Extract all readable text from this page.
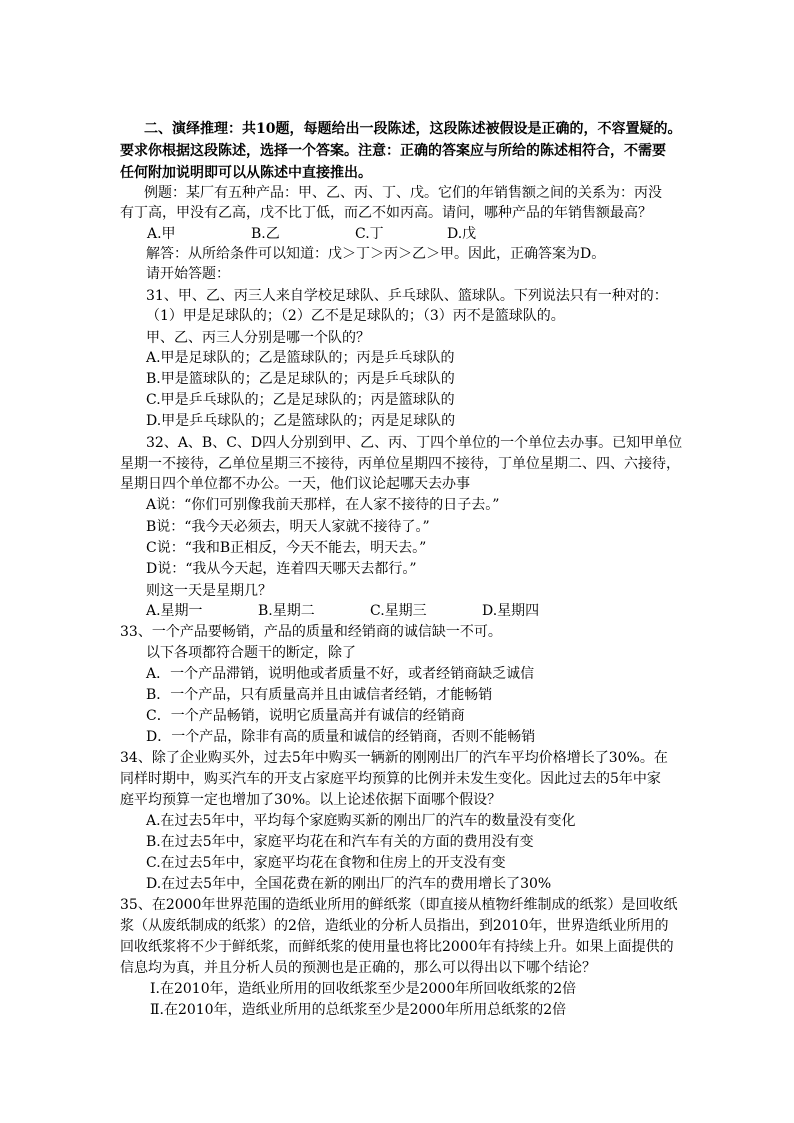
二、演绎推理：共10题，每题给出一段陈述，这段陈述被假设是正确的，不容置疑的。
要求你根据这段陈述，选择一个答案。注意：正确的答案应与所给的陈述相符合，不需要
任何附加说明即可以从陈述中直接推出。
例题：某厂有五种产品：甲、乙、丙、丁、戊。它们的年销售额之间的关系为：丙没
有丁高，甲没有乙高，戊不比丁低，而乙不如丙高。请问，哪种产品的年销售额最高？
A.甲	B.乙	C.丁	D.戊
解答：从所给条件可以知道：戊＞丁＞丙＞乙＞甲。因此，正确答案为D。
请开始答题：
31、甲、乙、丙三人来自学校足球队、乒乓球队、篮球队。下列说法只有一种对的：
（1）甲是足球队的；（2）乙不是足球队的；（3）丙不是篮球队的。
甲、乙、丙三人分别是哪一个队的？
A.甲是足球队的；乙是篮球队的；丙是乒乓球队的
B.甲是篮球队的；乙是足球队的；丙是乒乓球队的
C.甲是乒乓球队的；乙是足球队的；丙是篮球队的
D.甲是乒乓球队的；乙是篮球队的；丙是足球队的
32、A、B、C、D四人分别到甲、乙、丙、丁四个单位的一个单位去办事。已知甲单位
星期一不接待，乙单位星期三不接待，丙单位星期四不接待，丁单位星期二、四、六接待，
星期日四个单位都不办公。一天，他们议论起哪天去办事
A说：“你们可别像我前天那样，在人家不接待的日子去。”
B说：“我今天必须去，明天人家就不接待了。”
C说：“我和B正相反，今天不能去，明天去。”
D说：“我从今天起，连着四天哪天去都行。”
则这一天是星期几？
A.星期一	B.星期二	C.星期三	D.星期四
33、一个产品要畅销，产品的质量和经销商的诚信缺一不可。
以下各项都符合题干的断定，除了
A．一个产品滞销，说明他或者质量不好，或者经销商缺乏诚信
B．一个产品，只有质量高并且由诚信者经销，才能畅销
C．一个产品畅销，说明它质量高并有诚信的经销商
D．一个产品，除非有高的质量和诚信的经销商，否则不能畅销
34、除了企业购买外，过去5年中购买一辆新的刚刚出厂的汽车平均价格增长了30%。在
同样时期中，购买汽车的开支占家庭平均预算的比例并未发生变化。因此过去的5年中家
庭平均预算一定也增加了30%。以上论述依据下面哪个假设？
A.在过去5年中，平均每个家庭购买新的刚出厂的汽车的数量没有变化
B.在过去5年中，家庭平均花在和汽车有关的方面的费用没有变
C.在过去5年中，家庭平均花在食物和住房上的开支没有变
D.在过去5年中，全国花费在新的刚出厂的汽车的费用增长了30%
35、在2000年世界范围的造纸业所用的鲜纸浆（即直接从植物纤维制成的纸浆）是回收纸
浆（从废纸制成的纸浆）的2倍，造纸业的分析人员指出，到2010年，世界造纸业所用的
回收纸浆将不少于鲜纸浆，而鲜纸浆的使用量也将比2000年有持续上升。如果上面提供的
信息均为真，并且分析人员的预测也是正确的，那么可以得出以下哪个结论？
Ⅰ.在2010年，造纸业所用的回收纸浆至少是2000年所回收纸浆的2倍
Ⅱ.在2010年，造纸业所用的总纸浆至少是2000年所用总纸浆的2倍
